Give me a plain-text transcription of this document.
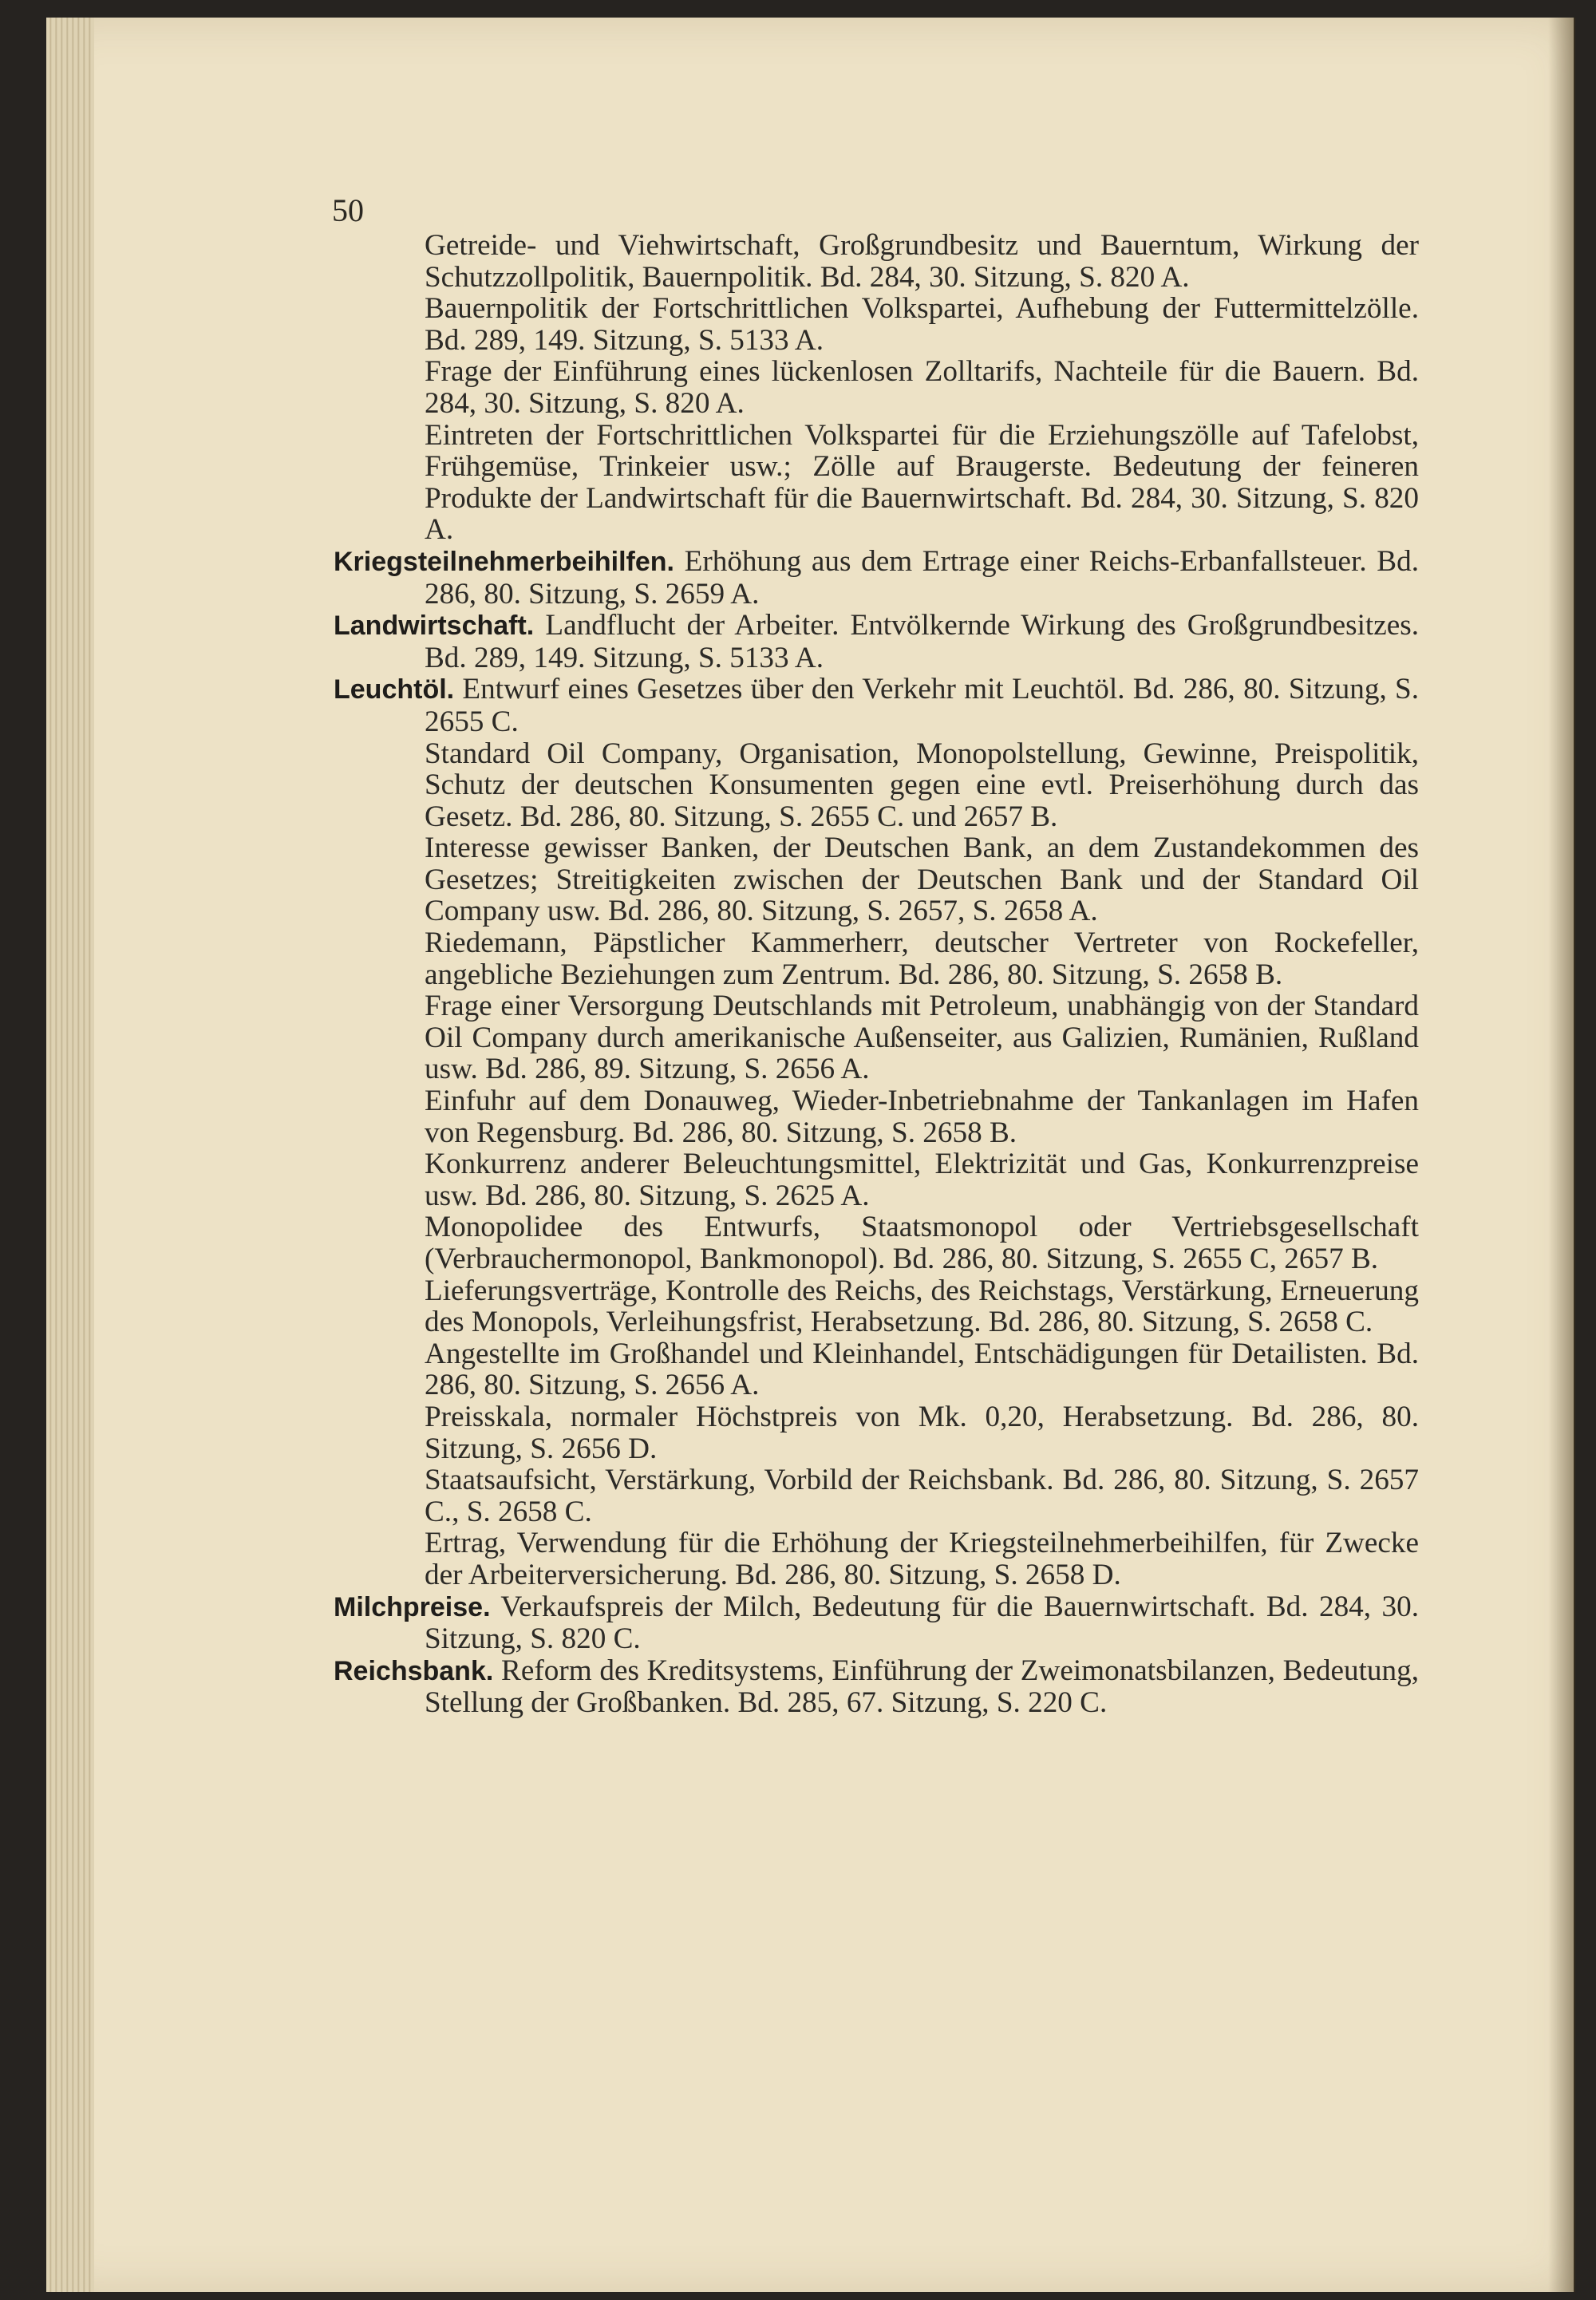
50

Getreide- und Viehwirtschaft, Großgrundbesitz und Bauerntum, Wirkung der Schutzzollpolitik, Bauernpolitik. Bd. 284, 30. Sitzung, S. 820 A.

Bauernpolitik der Fortschrittlichen Volkspartei, Aufhebung der Futtermittelzölle. Bd. 289, 149. Sitzung, S. 5133 A.

Frage der Einführung eines lückenlosen Zolltarifs, Nachteile für die Bauern. Bd. 284, 30. Sitzung, S. 820 A.

Eintreten der Fortschrittlichen Volkspartei für die Erziehungszölle auf Tafelobst, Frühgemüse, Trinkeier usw.; Zölle auf Braugerste. Bedeutung der feineren Produkte der Landwirtschaft für die Bauernwirtschaft. Bd. 284, 30. Sitzung, S. 820 A.

Kriegsteilnehmerbeihilfen. Erhöhung aus dem Ertrage einer Reichs-Erbanfallsteuer. Bd. 286, 80. Sitzung, S. 2659 A.

Landwirtschaft. Landflucht der Arbeiter. Entvölkernde Wirkung des Großgrundbesitzes. Bd. 289, 149. Sitzung, S. 5133 A.

Leuchtöl. Entwurf eines Gesetzes über den Verkehr mit Leuchtöl. Bd. 286, 80. Sitzung, S. 2655 C.

Standard Oil Company, Organisation, Monopolstellung, Gewinne, Preispolitik, Schutz der deutschen Konsumenten gegen eine evtl. Preiserhöhung durch das Gesetz. Bd. 286, 80. Sitzung, S. 2655 C. und 2657 B.

Interesse gewisser Banken, der Deutschen Bank, an dem Zustandekommen des Gesetzes; Streitigkeiten zwischen der Deutschen Bank und der Standard Oil Company usw. Bd. 286, 80. Sitzung, S. 2657, S. 2658 A.

Riedemann, Päpstlicher Kammerherr, deutscher Vertreter von Rockefeller, angebliche Beziehungen zum Zentrum. Bd. 286, 80. Sitzung, S. 2658 B.

Frage einer Versorgung Deutschlands mit Petroleum, unabhängig von der Standard Oil Company durch amerikanische Außenseiter, aus Galizien, Rumänien, Rußland usw. Bd. 286, 89. Sitzung, S. 2656 A.

Einfuhr auf dem Donauweg, Wieder-Inbetriebnahme der Tankanlagen im Hafen von Regensburg. Bd. 286, 80. Sitzung, S. 2658 B.

Konkurrenz anderer Beleuchtungsmittel, Elektrizität und Gas, Konkurrenzpreise usw. Bd. 286, 80. Sitzung, S. 2625 A.

Monopolidee des Entwurfs, Staatsmonopol oder Vertriebsgesellschaft (Verbrauchermonopol, Bankmonopol). Bd. 286, 80. Sitzung, S. 2655 C, 2657 B.

Lieferungsverträge, Kontrolle des Reichs, des Reichstags, Verstärkung, Erneuerung des Monopols, Verleihungsfrist, Herabsetzung. Bd. 286, 80. Sitzung, S. 2658 C.

Angestellte im Großhandel und Kleinhandel, Entschädigungen für Detailisten. Bd. 286, 80. Sitzung, S. 2656 A.

Preisskala, normaler Höchstpreis von Mk. 0,20, Herabsetzung. Bd. 286, 80. Sitzung, S. 2656 D.

Staatsaufsicht, Verstärkung, Vorbild der Reichsbank. Bd. 286, 80. Sitzung, S. 2657 C., S. 2658 C.

Ertrag, Verwendung für die Erhöhung der Kriegsteilnehmerbeihilfen, für Zwecke der Arbeiterversicherung. Bd. 286, 80. Sitzung, S. 2658 D.

Milchpreise. Verkaufspreis der Milch, Bedeutung für die Bauernwirtschaft. Bd. 284, 30. Sitzung, S. 820 C.

Reichsbank. Reform des Kreditsystems, Einführung der Zweimonatsbilanzen, Bedeutung, Stellung der Großbanken. Bd. 285, 67. Sitzung, S. 220 C.
